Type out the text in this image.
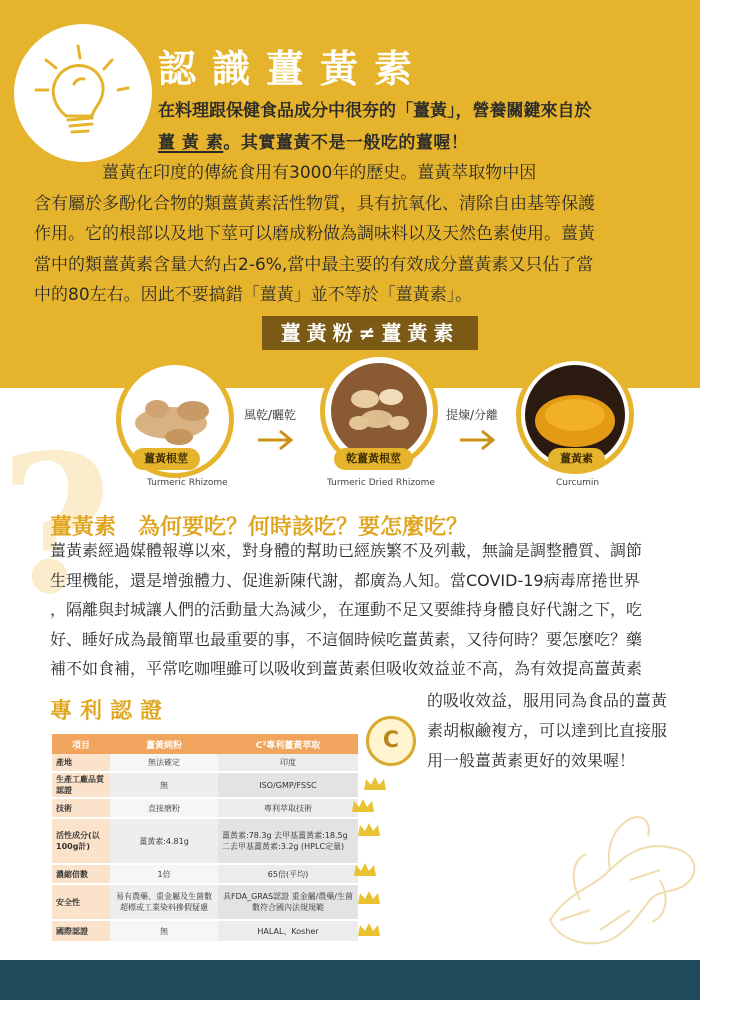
認識薑黃素
在料理跟保健食品成分中很夯的「薑黃」，營養關鍵來自於
薑 黃 素。其實薑黃不是一般吃的薑喔！
　　　　薑黃在印度的傳統食用有3000年的歷史。薑黃萃取物中因
含有屬於多酚化合物的類薑黃素活性物質，具有抗氧化、清除自由基等保護
作用。它的根部以及地下莖可以磨成粉做為調味料以及天然色素使用。薑黃
當中的類薑黃素含量大約占2-6%,當中最主要的有效成分薑黃素又只佔了當
中的80左右。因此不要搞錯「薑黃」並不等於「薑黃素」。
薑黃粉≠薑黃素
薑黃根莖	乾薑黃根莖	薑黃素
Turmeric Rhizome	Turmeric Dried Rhizome	Curcumin
風乾/曬乾	提煉/分離
?
薑黃素　為何要吃？何時該吃？要怎麼吃？
薑黃素經過媒體報導以來，對身體的幫助已經族繁不及列載，無論是調整體質、調節
生理機能，還是增強體力、促進新陳代謝，都廣為人知。當COVID-19病毒席捲世界
，隔離與封城讓人們的活動量大為減少，在運動不足又要維持身體良好代謝之下，吃
好、睡好成為最簡單也最重要的事，不這個時候吃薑黃素，又待何時？要怎麼吃？藥
補不如食補，平常吃咖哩雖可以吸收到薑黃素但吸收效益並不高，為有效提高薑黃素
的吸收效益，服用同為食品的薑黃
素胡椒鹼複方，可以達到比直接服
用一般薑黃素更好的效果喔！
專利認證
C
項目	薑黃純粉	C³專利薑黃萃取
產地	無法確定	印度
生產工廠品質認證	無	ISO/GMP/FSSC
技術	直接磨粉	專利萃取技術
活性成分(以100g計)	薑黃素:4.81g	薑黃素:78.3g 去甲基薑黃素:18.5g 二去甲基薑黃素:3.2g (HPLC定量)
濃縮倍數	1倍	65倍(平均)
安全性	易有農藥、重金屬及生菌數超標或工業染料摻假疑慮	具FDA_GRAS認證 重金屬/農藥/生菌數符合國內法規規範
國際認證	無	HALAL、Kosher
